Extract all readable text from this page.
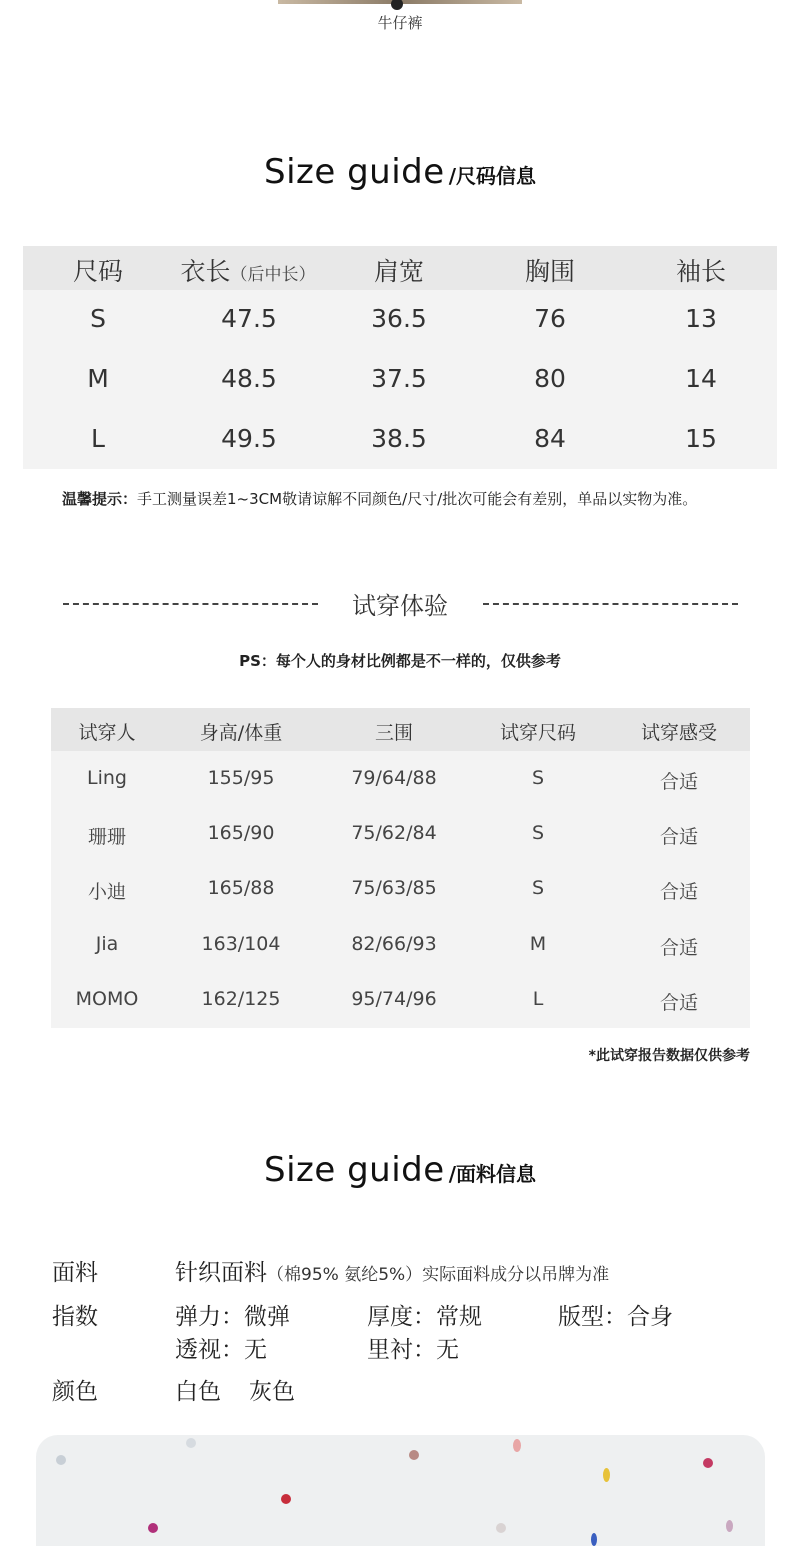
牛仔裤
Size guide /尺码信息
尺码	衣长（后中长）	肩宽	胸围	袖长
S	47.5	36.5	76	13
M	48.5	37.5	80	14
L	49.5	38.5	84	15
温馨提示：手工测量误差1~3CM敬请谅解不同颜色/尺寸/批次可能会有差别，单品以实物为准。
试穿体验
PS：每个人的身材比例都是不一样的，仅供参考
试穿人	身高/体重	三围	试穿尺码	试穿感受
Ling	155/95	79/64/88	S	合适
珊珊	165/90	75/62/84	S	合适
小迪	165/88	75/63/85	S	合适
Jia	163/104	82/66/93	M	合适
MOMO	162/125	95/74/96	L	合适
*此试穿报告数据仅供参考
Size guide /面料信息
面料	针织面料（棉95% 氨纶5%）实际面料成分以吊牌为准
指数	弹力：微弹	厚度：常规	版型：合身
透视：无	里衬：无
颜色	白色 灰色
